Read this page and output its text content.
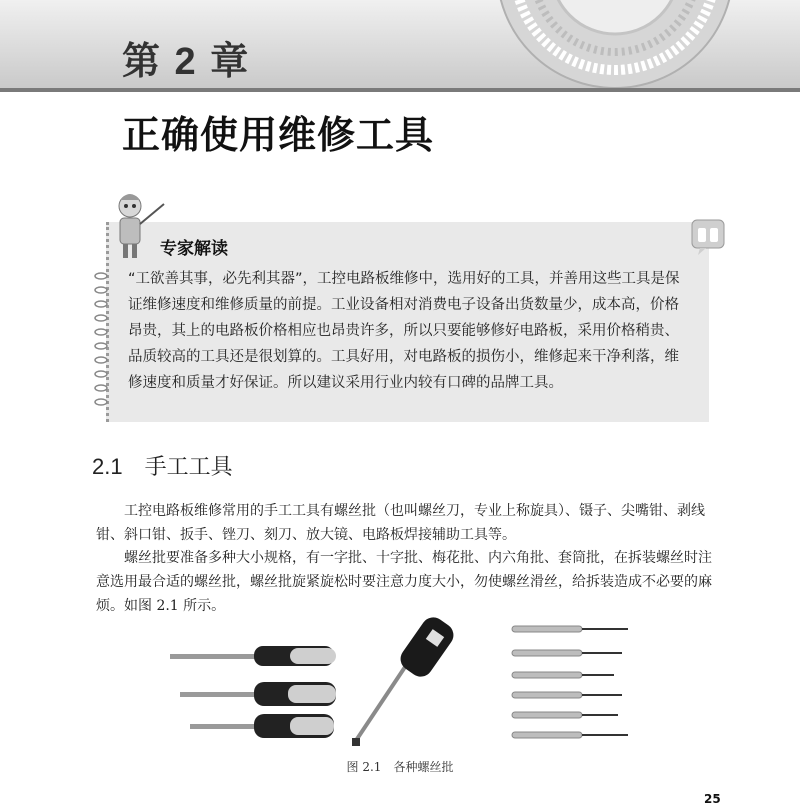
第 2 章
正确使用维修工具
专家解读
“工欲善其事，必先利其器”，工控电路板维修中，选用好的工具，并善用这些工具是保证维修速度和维修质量的前提。工业设备相对消费电子设备出货数量少，成本高，价格昂贵，其上的电路板价格相应也昂贵许多，所以只要能够修好电路板，采用价格稍贵、品质较高的工具还是很划算的。工具好用，对电路板的损伤小，维修起来干净利落，维修速度和质量才好保证。所以建议采用行业内较有口碑的品牌工具。
2.1 手工工具
工控电路板维修常用的手工工具有螺丝批（也叫螺丝刀，专业上称旋具）、镊子、尖嘴钳、剥线钳、斜口钳、扳手、锉刀、刻刀、放大镜、电路板焊接辅助工具等。
螺丝批要准备多种大小规格，有一字批、十字批、梅花批、内六角批、套筒批，在拆装螺丝时注意选用最合适的螺丝批，螺丝批旋紧旋松时要注意力度大小，勿使螺丝滑丝，给拆装造成不必要的麻烦。如图 2.1 所示。
图 2.1 各种螺丝批
25
